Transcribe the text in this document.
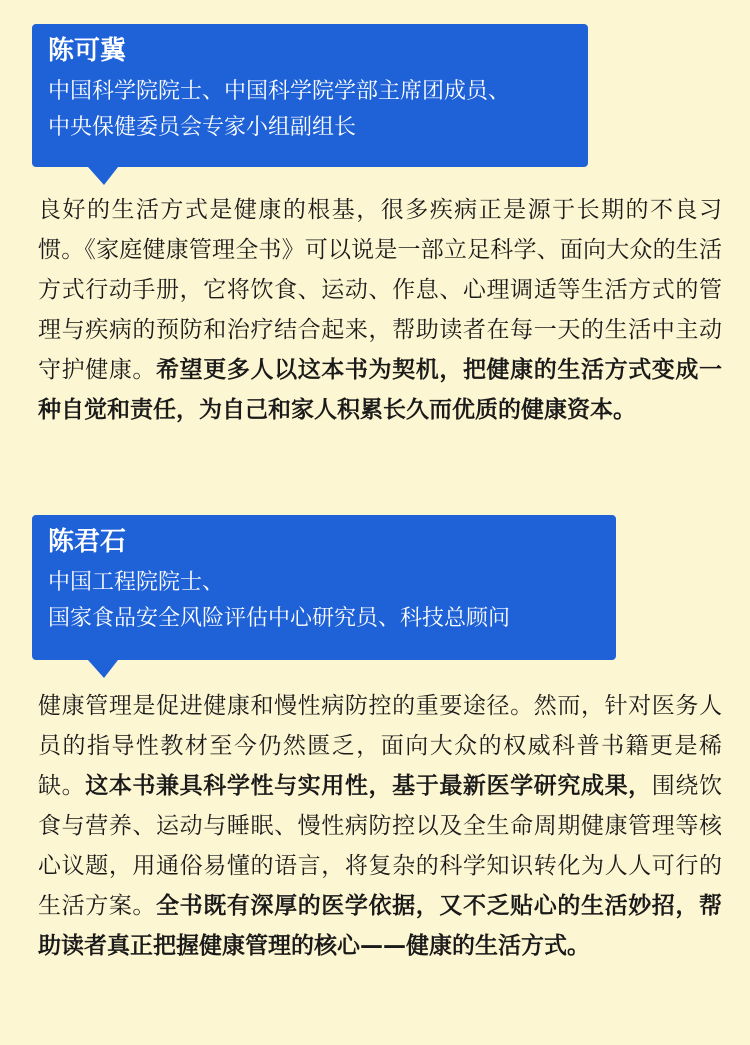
陈可冀
中国科学院院士、中国科学院学部主席团成员、
中央保健委员会专家小组副组长

良好的生活方式是健康的根基，很多疾病正是源于长期的不良习惯。《家庭健康管理全书》可以说是一部立足科学、面向大众的生活方式行动手册，它将饮食、运动、作息、心理调适等生活方式的管理与疾病的预防和治疗结合起来，帮助读者在每一天的生活中主动守护健康。希望更多人以这本书为契机，把健康的生活方式变成一种自觉和责任，为自己和家人积累长久而优质的健康资本。

陈君石
中国工程院院士、
国家食品安全风险评估中心研究员、科技总顾问

健康管理是促进健康和慢性病防控的重要途径。然而，针对医务人员的指导性教材至今仍然匮乏，面向大众的权威科普书籍更是稀缺。这本书兼具科学性与实用性，基于最新医学研究成果，围绕饮食与营养、运动与睡眠、慢性病防控以及全生命周期健康管理等核心议题，用通俗易懂的语言，将复杂的科学知识转化为人人可行的生活方案。全书既有深厚的医学依据，又不乏贴心的生活妙招，帮助读者真正把握健康管理的核心——健康的生活方式。
